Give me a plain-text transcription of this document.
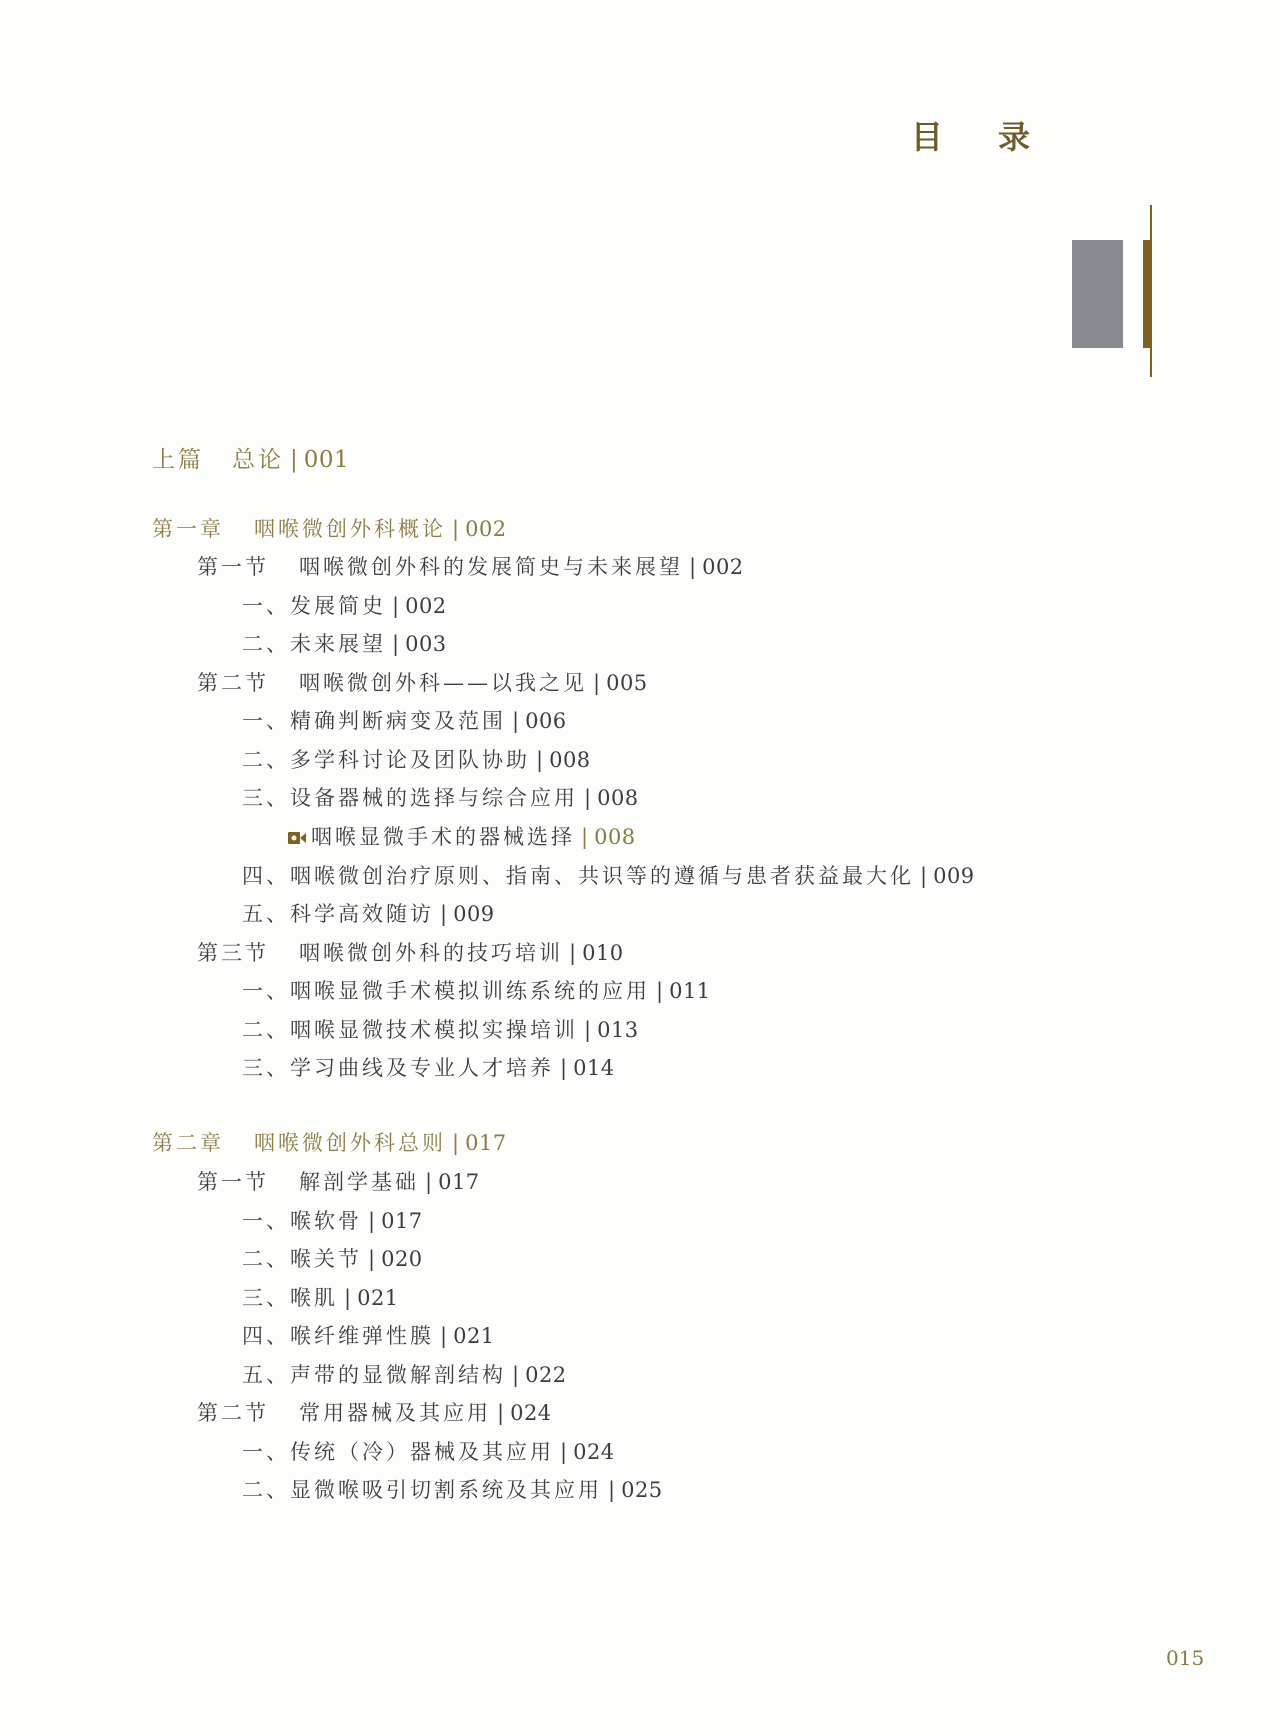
目 录
上篇 总论 | 001
第一章 咽喉微创外科概论 | 002
第一节 咽喉微创外科的发展简史与未来展望 | 002
一、发展简史 | 002
二、未来展望 | 003
第二节 咽喉微创外科——以我之见 | 005
一、精确判断病变及范围 | 006
二、多学科讨论及团队协助 | 008
三、设备器械的选择与综合应用 | 008
咽喉显微手术的器械选择 | 008
四、咽喉微创治疗原则、指南、共识等的遵循与患者获益最大化 | 009
五、科学高效随访 | 009
第三节 咽喉微创外科的技巧培训 | 010
一、咽喉显微手术模拟训练系统的应用 | 011
二、咽喉显微技术模拟实操培训 | 013
三、学习曲线及专业人才培养 | 014
第二章 咽喉微创外科总则 | 017
第一节 解剖学基础 | 017
一、喉软骨 | 017
二、喉关节 | 020
三、喉肌 | 021
四、喉纤维弹性膜 | 021
五、声带的显微解剖结构 | 022
第二节 常用器械及其应用 | 024
一、传统（冷）器械及其应用 | 024
二、显微喉吸引切割系统及其应用 | 025

015
